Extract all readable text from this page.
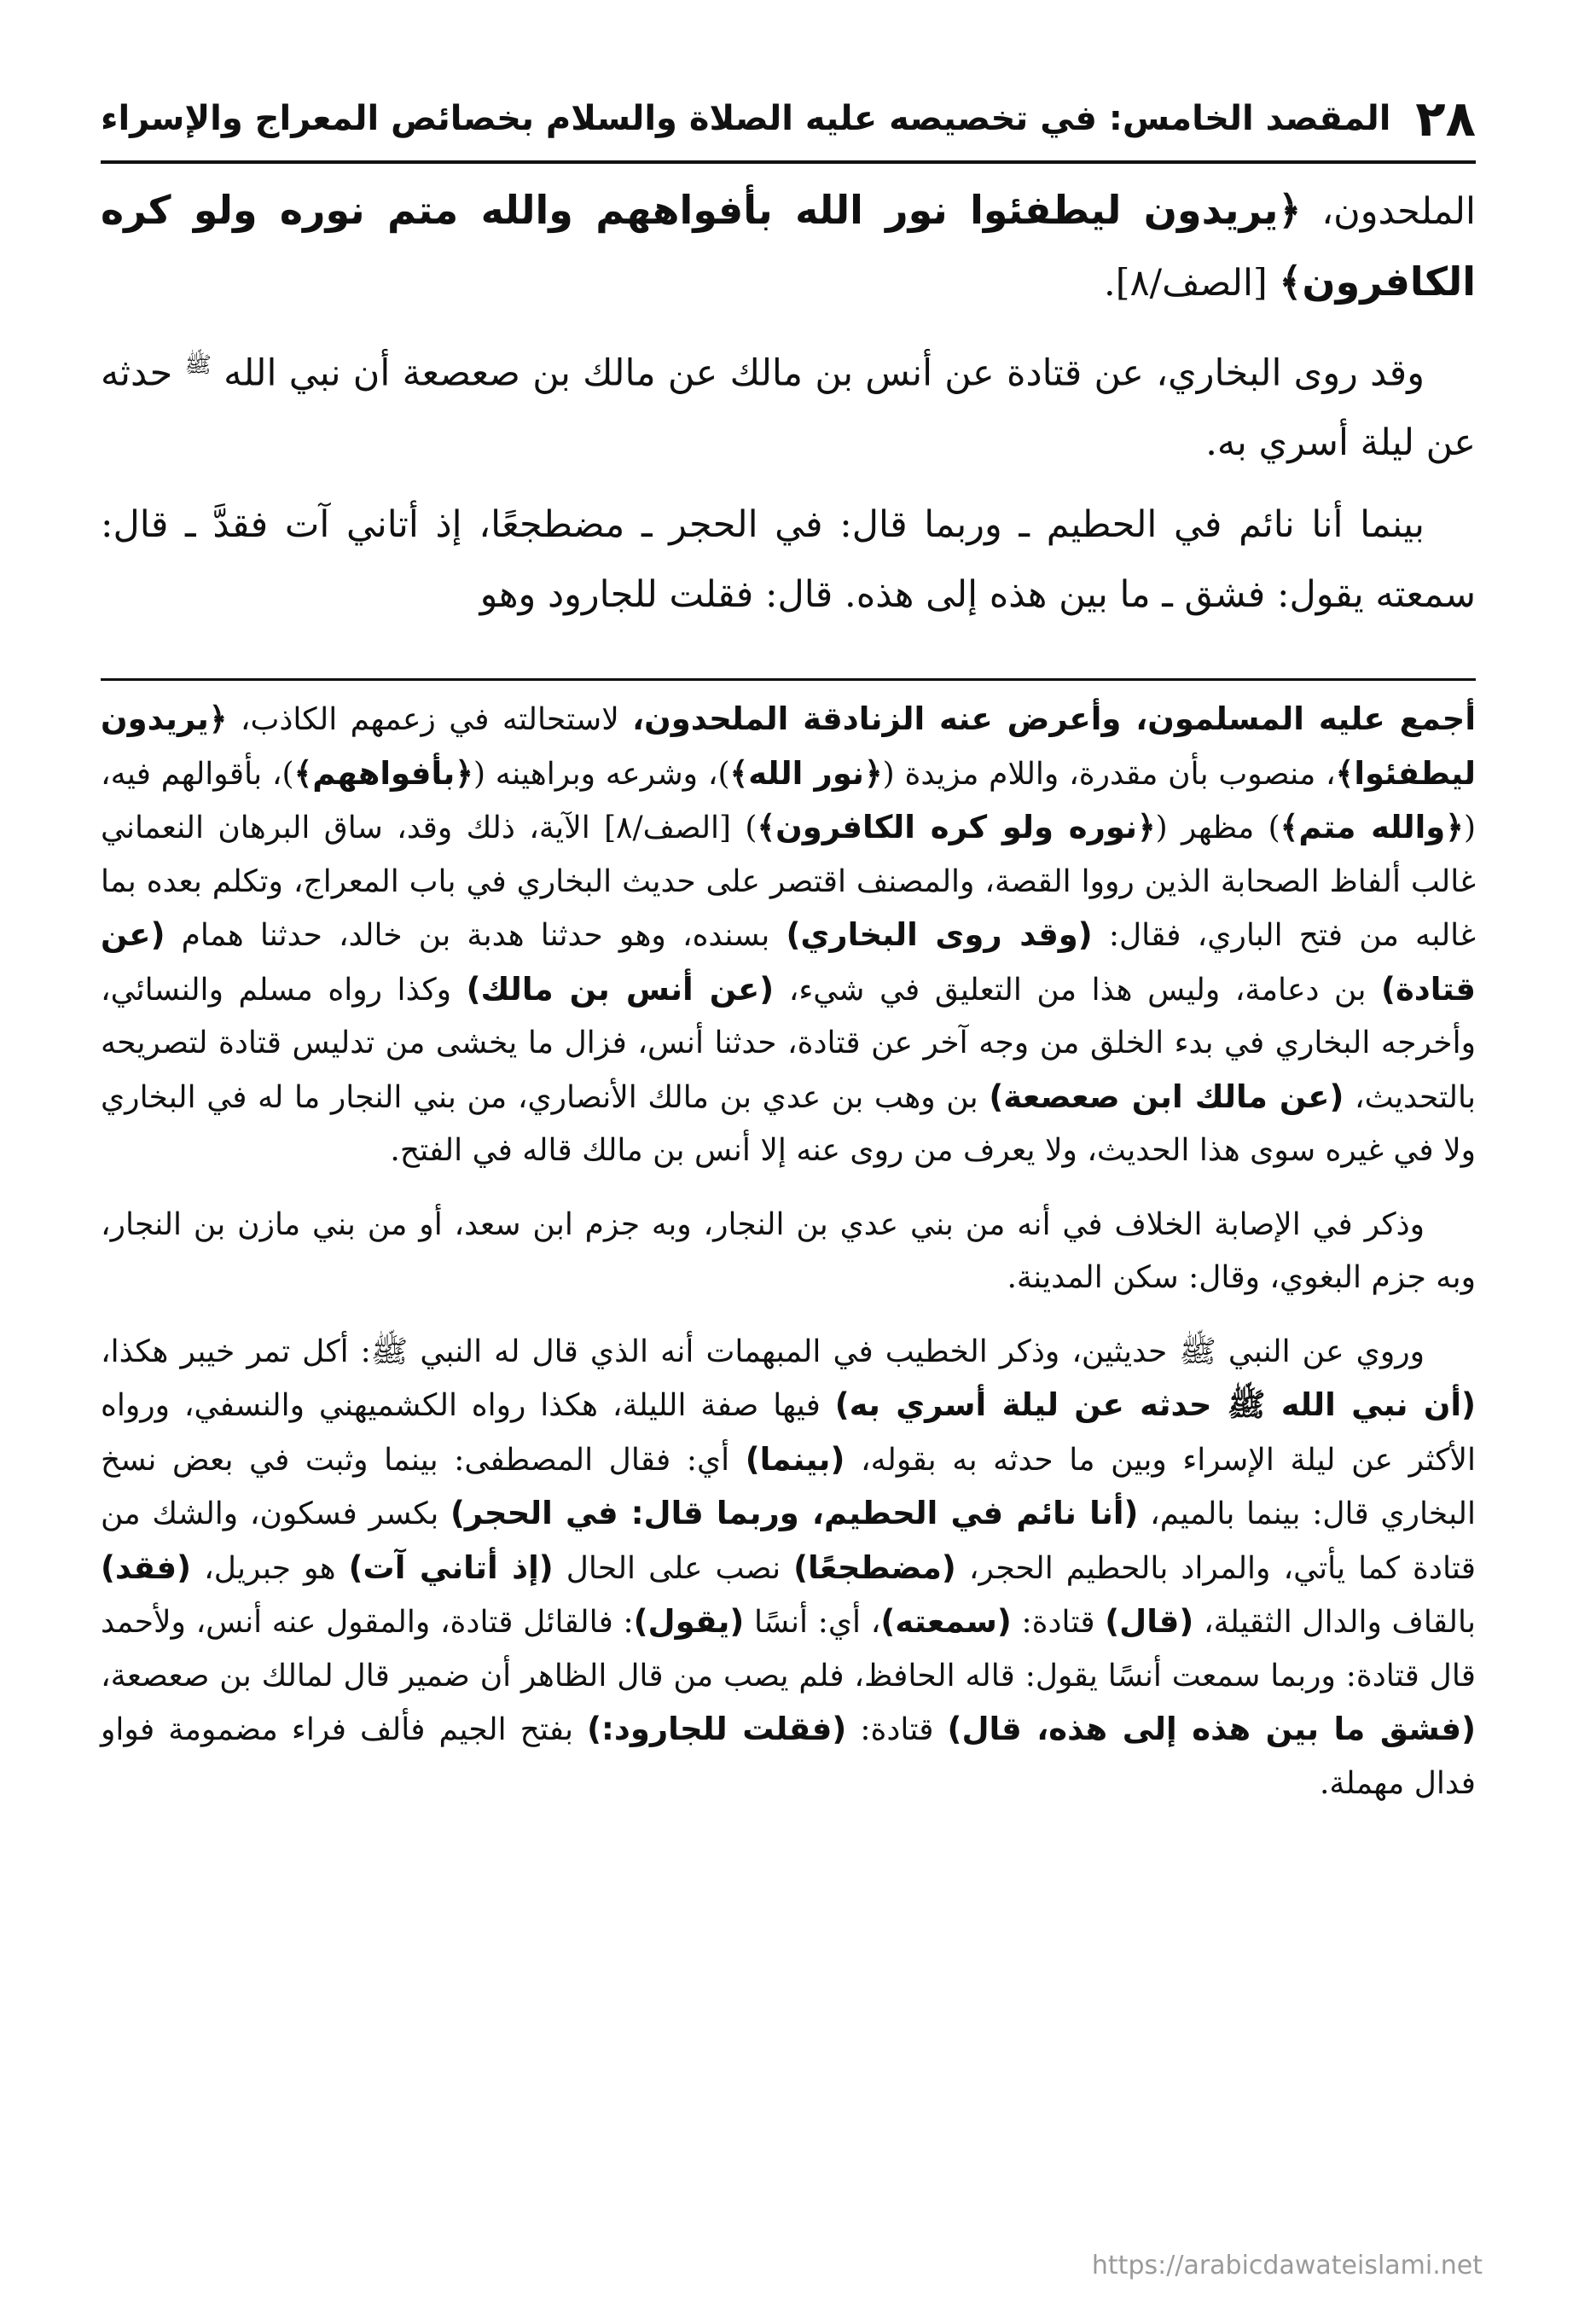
٢٨
المقصد الخامس: في تخصيصه عليه الصلاة والسلام بخصائص المعراج والإسراء

الملحدون، ﴿يريدون ليطفئوا نور الله بأفواههم والله متم نوره ولو كره الكافرون﴾ [الصف/٨].

وقد روى البخاري، عن قتادة عن أنس بن مالك عن مالك بن صعصعة أن نبي الله $^ﷺ$ حدثه عن ليلة أسري به.

بينما أنا نائم في الحطيم ـ وربما قال: في الحجر ـ مضطجعًا، إذ أتاني آت فقدَّ ـ قال: سمعته يقول: فشق ـ ما بين هذه إلى هذه. قال: فقلت للجارود وهو

أجمع عليه المسلمون، وأعرض عنه الزنادقة الملحدون، لاستحالته في زعمهم الكاذب، ﴿يريدون ليطفئوا﴾، منصوب بأن مقدرة، واللام مزيدة (﴿نور الله﴾)، وشرعه وبراهينه (﴿بأفواههم﴾)، بأقوالهم فيه، (﴿والله متم﴾) مظهر (﴿نوره ولو كره الكافرون﴾) [الصف/٨] الآية، ذلك وقد، ساق البرهان النعماني غالب ألفاظ الصحابة الذين رووا القصة، والمصنف اقتصر على حديث البخاري في باب المعراج، وتكلم بعده بما غالبه من فتح الباري، فقال: (وقد روى البخاري) بسنده، وهو حدثنا هدبة بن خالد، حدثنا همام (عن قتادة) بن دعامة، وليس هذا من التعليق في شيء، (عن أنس بن مالك) وكذا رواه مسلم والنسائي، وأخرجه البخاري في بدء الخلق من وجه آخر عن قتادة، حدثنا أنس، فزال ما يخشى من تدليس قتادة لتصريحه بالتحديث، (عن مالك ابن صعصعة) بن وهب بن عدي بن مالك الأنصاري، من بني النجار ما له في البخاري ولا في غيره سوى هذا الحديث، ولا يعرف من روى عنه إلا أنس بن مالك قاله في الفتح.

وذكر في الإصابة الخلاف في أنه من بني عدي بن النجار، وبه جزم ابن سعد، أو من بني مازن بن النجار، وبه جزم البغوي، وقال: سكن المدينة.

وروي عن النبي ﷺ حديثين، وذكر الخطيب في المبهمات أنه الذي قال له النبي ﷺ: أكل تمر خيبر هكذا، (أن نبي الله ﷺ حدثه عن ليلة أسري به) فيها صفة الليلة، هكذا رواه الكشميهني والنسفي، ورواه الأكثر عن ليلة الإسراء وبين ما حدثه به بقوله، (بينما) أي: فقال المصطفى: بينما وثبت في بعض نسخ البخاري قال: بينما بالميم، (أنا نائم في الحطيم، وربما قال: في الحجر) بكسر فسكون، والشك من قتادة كما يأتي، والمراد بالحطيم الحجر، (مضطجعًا) نصب على الحال (إذ أتاني آت) هو جبريل، (فقد) بالقاف والدال الثقيلة، (قال) قتادة: (سمعته)، أي: أنسًا (يقول): فالقائل قتادة، والمقول عنه أنس، ولأحمد قال قتادة: وربما سمعت أنسًا يقول: قاله الحافظ، فلم يصب من قال الظاهر أن ضمير قال لمالك بن صعصعة، (فشق ما بين هذه إلى هذه، قال) قتادة: (فقلت للجارود:) بفتح الجيم فألف فراء مضمومة فواو فدال مهملة.

https://arabicdawateislami.net
